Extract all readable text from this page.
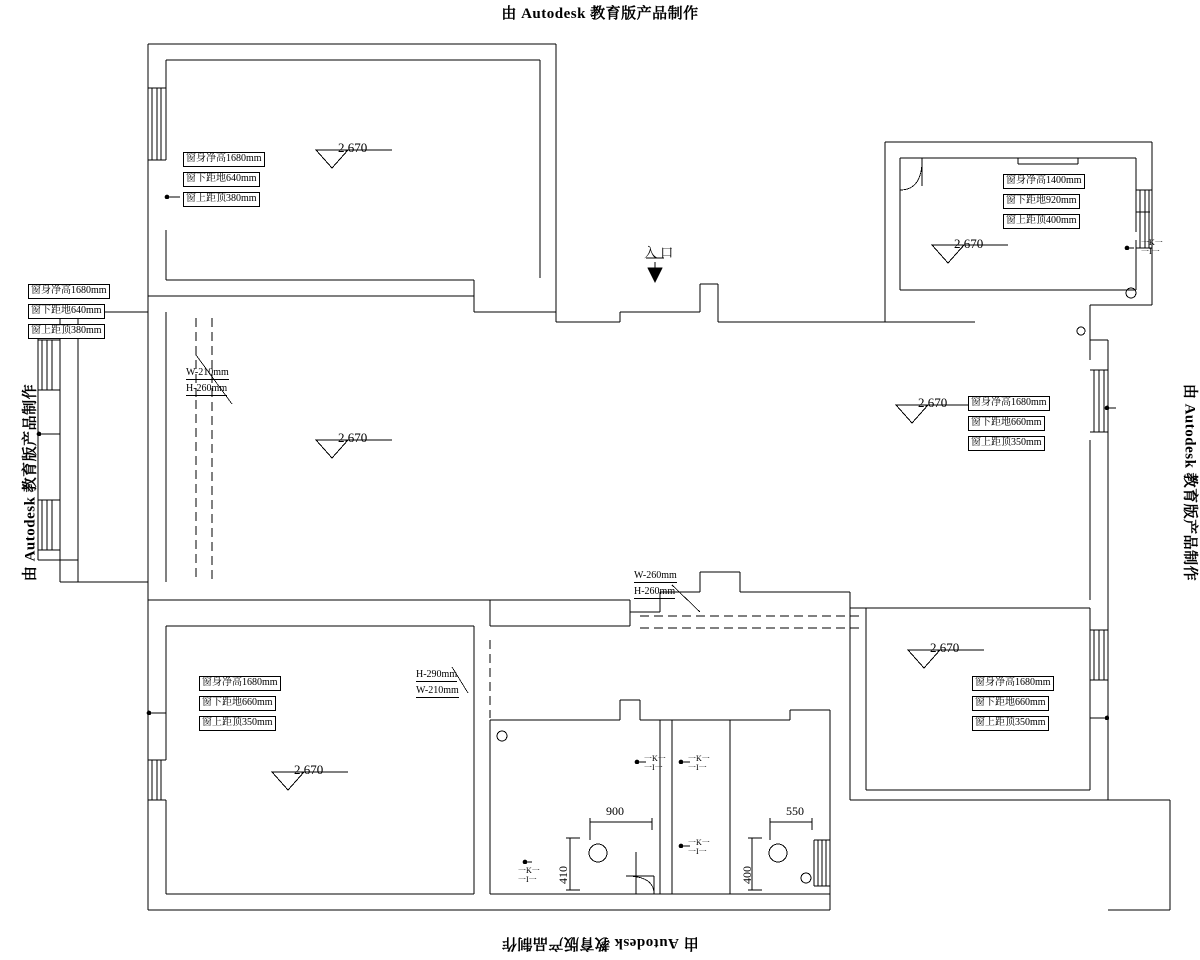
由 Autodesk 教育版产品制作
由 Autodesk 教育版产品制作
由 Autodesk 教育版产品制作	由 Autodesk 教育版产品制作
入 口
2.670
2.670
2.670
2.670
2.670
2.670
窗身净高1680mm
窗下距地640mm
窗上距顶380mm
窗身净高1400mm
窗下距地920mm
窗上距顶400mm
窗身净高1680mm
窗下距地640mm
窗上距顶380mm
窗身净高1680mm
窗下距地660mm
窗上距顶350mm
窗身净高1680mm
窗下距地660mm
窗上距顶350mm
窗身净高1680mm
窗下距地660mm
窗上距顶350mm
W-210mm
H-260mm
W-260mm
H-260mm
H-290mm
W-210mm
900
410
550
400
一K一
一I一
一K一
一I一
一K一
一I一
一K一
一I一
一K一
一I一
